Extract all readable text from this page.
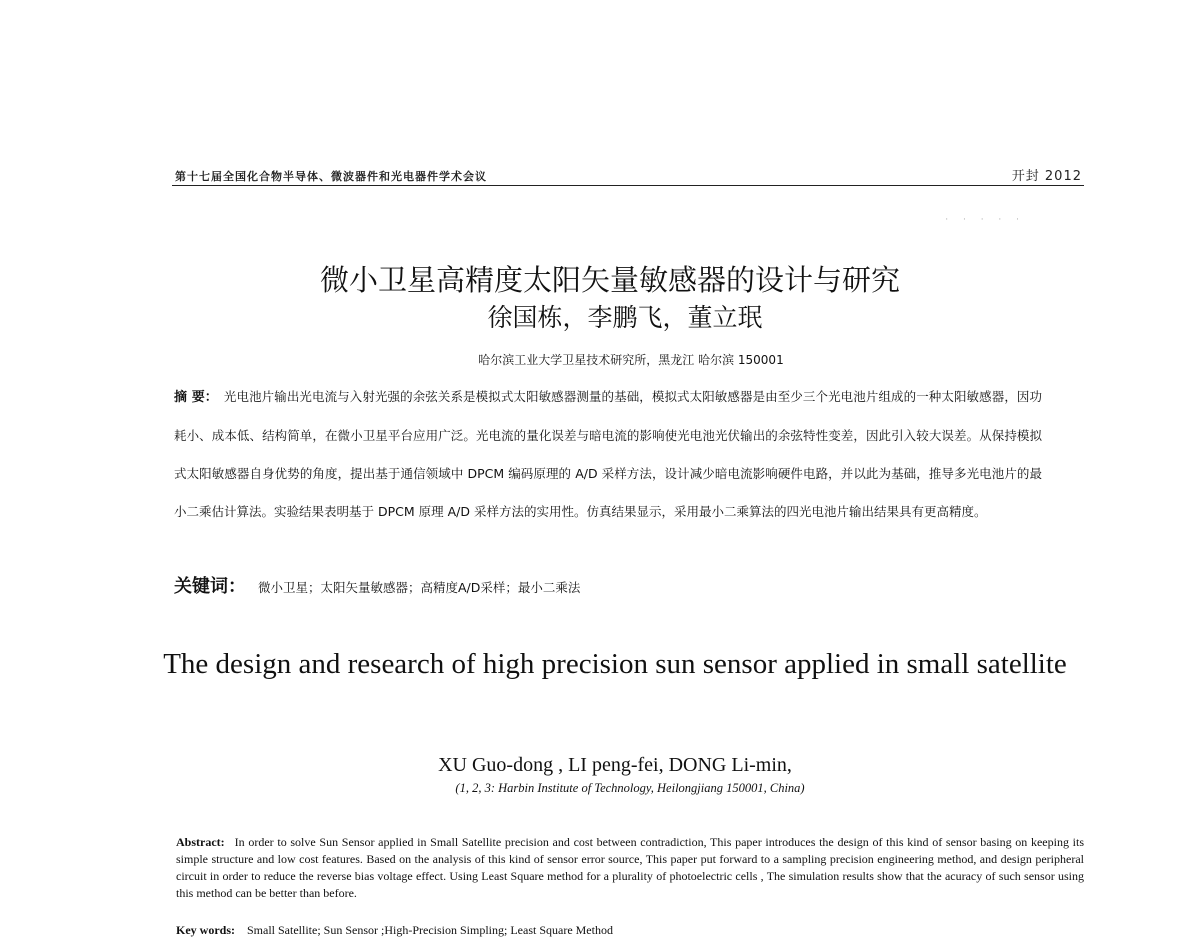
第十七届全国化合物半导体、微波器件和光电器件学术会议	开封 2012
· · · · ·
微小卫星高精度太阳矢量敏感器的设计与研究
徐国栋，李鹏飞，董立珉
哈尔滨工业大学卫星技术研究所，黑龙江 哈尔滨 150001
摘 要： 光电池片输出光电流与入射光强的余弦关系是模拟式太阳敏感器测量的基础，模拟式太阳敏感器是由至少三个光电池片组成的一种太阳敏感器，因功耗小、成本低、结构简单，在微小卫星平台应用广泛。光电流的量化误差与暗电流的影响使光电池光伏输出的余弦特性变差，因此引入较大误差。从保持模拟式太阳敏感器自身优势的角度，提出基于通信领域中 DPCM 编码原理的 A/D 采样方法，设计减少暗电流影响硬件电路，并以此为基础，推导多光电池片的最小二乘估计算法。实验结果表明基于 DPCM 原理 A/D 采样方法的实用性。仿真结果显示，采用最小二乘算法的四光电池片输出结果具有更高精度。
关键词： 微小卫星；太阳矢量敏感器；高精度A/D采样；最小二乘法
The design and research of high precision sun sensor applied in small satellite
XU Guo-dong , LI peng-fei, DONG Li-min,
(1, 2, 3: Harbin Institute of Technology, Heilongjiang 150001, China)
Abstract: In order to solve Sun Sensor applied in Small Satellite precision and cost between contradiction, This paper introduces the design of this kind of sensor basing on keeping its simple structure and low cost features. Based on the analysis of this kind of sensor error source, This paper put forward to a sampling precision engineering method, and design peripheral circuit in order to reduce the reverse bias voltage effect. Using Least Square method for a plurality of photoelectric cells , The simulation results show that the acuracy of such sensor using this method can be better than before.
Key words: Small Satellite; Sun Sensor ;High-Precision Simpling; Least Square Method
